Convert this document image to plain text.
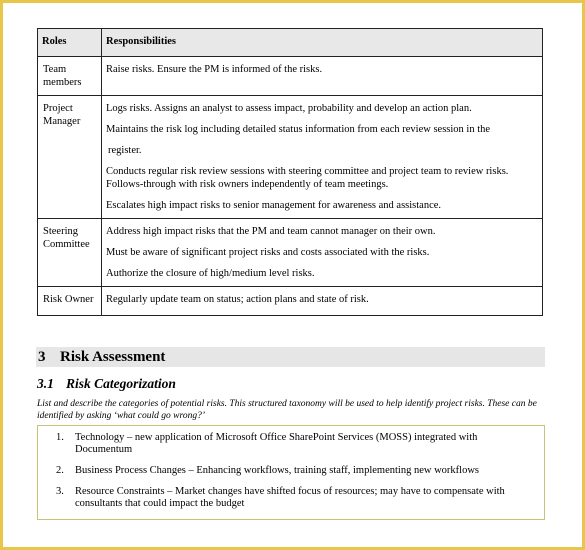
Roles	Responsibilities
Team members	Raise risks. Ensure the PM is informed of the risks.

Project Manager	Logs risks. Assigns an analyst to assess impact, probability and develop an action plan.

Maintains the risk log including detailed status information from each review session in the

register.

Conducts regular risk review sessions with steering committee and project team to review risks. Follows-through with risk owners independently of team meetings.

Escalates high impact risks to senior management for awareness and assistance.

Steering Committee	Address high impact risks that the PM and team cannot manager on their own.

Must be aware of significant project risks and costs associated with the risks.

Authorize the closure of high/medium level risks.

Risk Owner	Regularly update team on status; action plans and state of risk.

3 Risk Assessment
3.1 Risk Categorization
List and describe the categories of potential risks. This structured taxonomy will be used to help identify project risks. These can be identified by asking ‘what could go wrong?’
1. Technology – new application of Microsoft Office SharePoint Services (MOSS) integrated with Documentum
2. Business Process Changes – Enhancing workflows, training staff, implementing new workflows
3. Resource Constraints – Market changes have shifted focus of resources; may have to compensate with consultants that could impact the budget
